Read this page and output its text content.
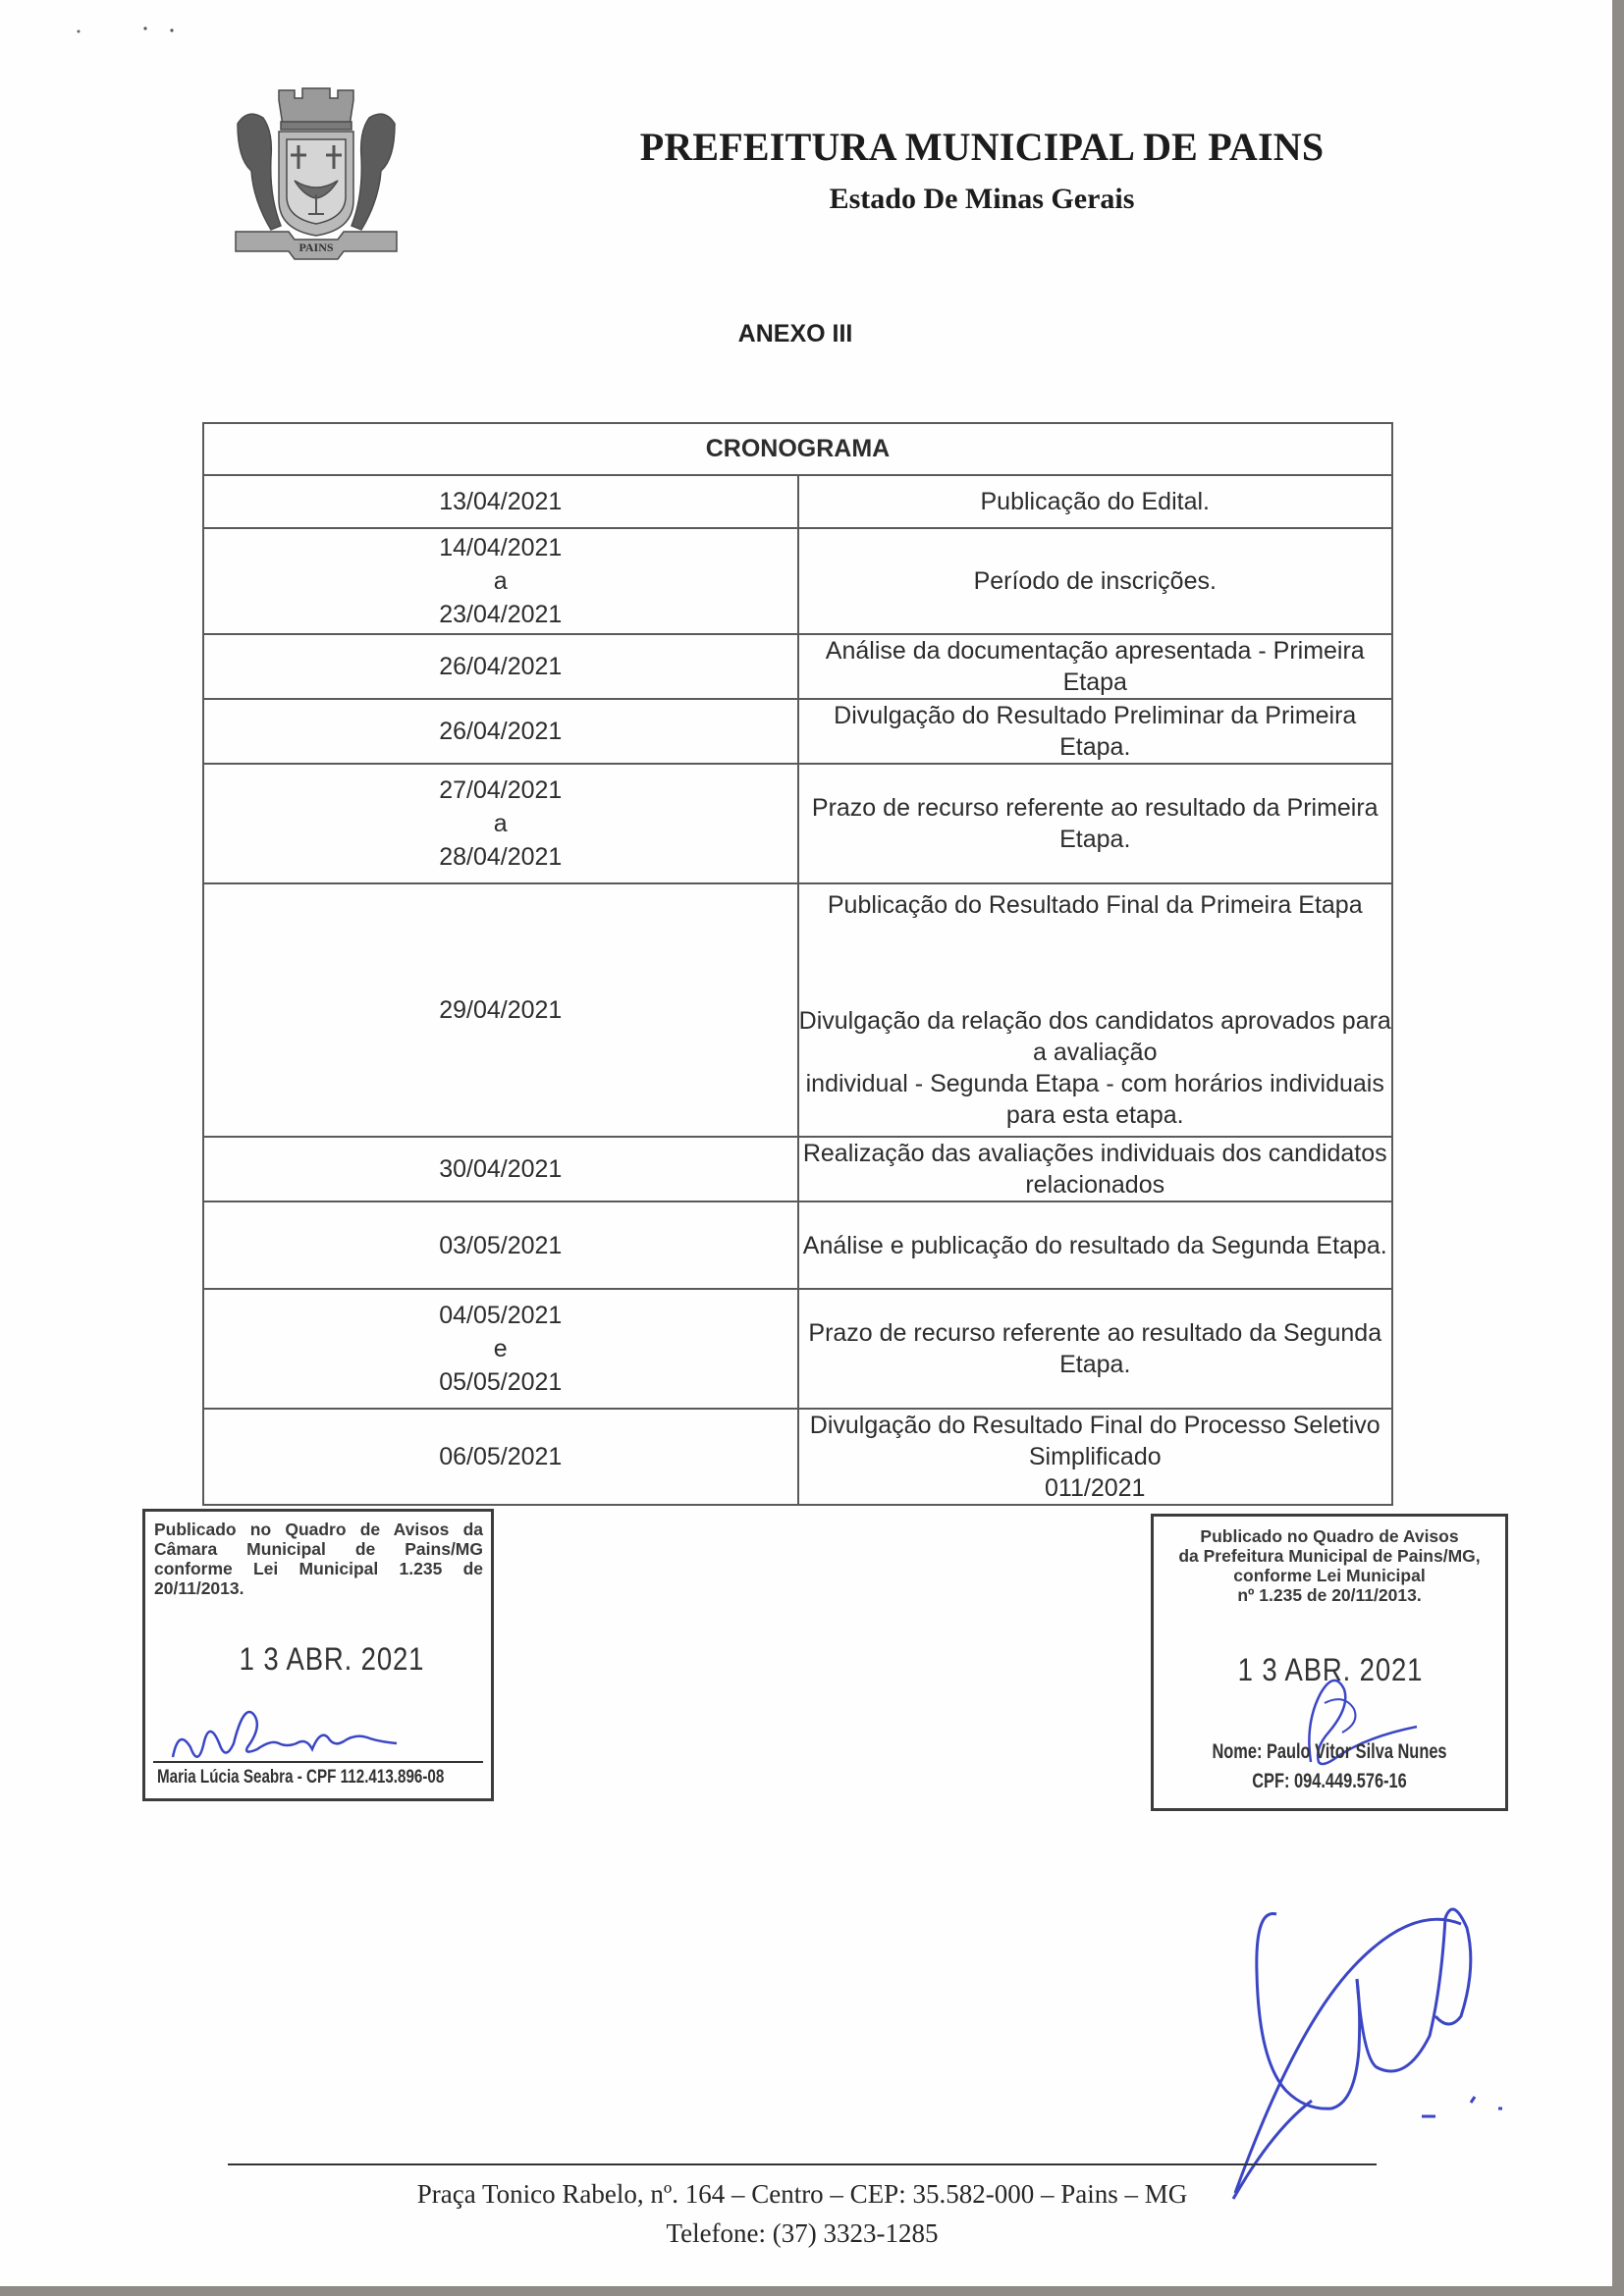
PAINS
PREFEITURA MUNICIPAL DE PAINS
Estado De Minas Gerais
ANEXO III
CRONOGRAMA	

13/04/2021	Publicação do Edital.

14/04/2021
a
23/04/2021	Período de inscrições.

26/04/2021	Análise da documentação apresentada - Primeira Etapa

26/04/2021	Divulgação do Resultado Preliminar da Primeira Etapa.

27/04/2021
a
28/04/2021	Prazo de recurso referente ao resultado da Primeira Etapa.

29/04/2021	Publicação do Resultado Final da Primeira Etapa
Divulgação da relação dos candidatos aprovados para a avaliação
individual - Segunda Etapa - com horários individuais para esta etapa.

30/04/2021	Realização das avaliações individuais dos candidatos relacionados

03/05/2021	Análise e publicação do resultado da Segunda Etapa.

04/05/2021
e
05/05/2021	Prazo de recurso referente ao resultado da Segunda Etapa.

06/05/2021	Divulgação do Resultado Final do Processo Seletivo Simplificado
011/2021
Publicado no Quadro de Avisos da
Câmara Municipal de Pains/MG
conforme Lei Municipal 1.235 de
20/11/2013.
1 3 ABR. 2021
Maria Lúcia Seabra - CPF 112.413.896-08
Publicado no Quadro de Avisos
da Prefeitura Municipal de Pains/MG,
conforme Lei Municipal
nº 1.235 de 20/11/2013.
1 3 ABR. 2021
Nome: Paulo Vitor Silva Nunes
CPF: 094.449.576-16
Praça Tonico Rabelo, nº. 164 – Centro – CEP: 35.582-000 – Pains – MG
Telefone: (37) 3323-1285
